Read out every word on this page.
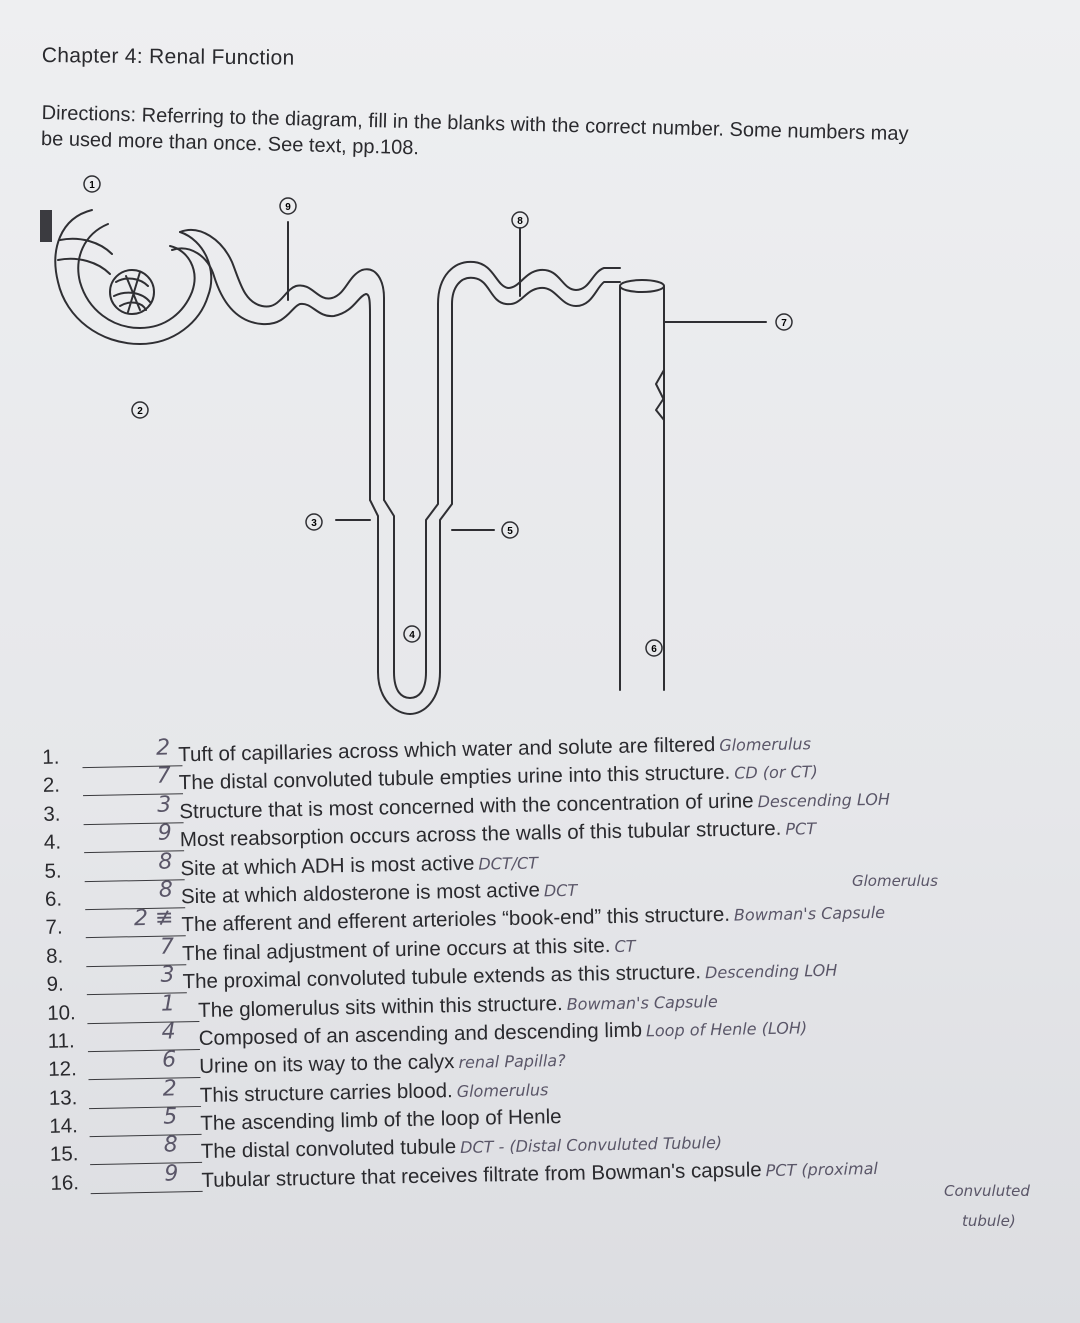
Chapter 4: Renal Function
Directions: Referring to the diagram, fill in the blanks with the correct number. Some numbers may be used more than once. See text, pp.108.
1
2
3
4
5
6
7
8
9
1.	2 Tuft of capillaries across which water and solute are filtered Glomerulus
2.	7 The distal convoluted tubule empties urine into this structure. CD (or CT)
3.	3 Structure that is most concerned with the concentration of urine Descending LOH
4.	9 Most reabsorption occurs across the walls of this tubular structure. PCT
5.	8 Site at which ADH is most active DCT/CT
6.	8 Site at which aldosterone is most active DCT
7.	2 ≢ The afferent and efferent arterioles “book-end” this structure. Bowman's Capsule
8.	7 The final adjustment of urine occurs at this site. CT
9.	3 The proximal convoluted tubule extends as this structure. Descending LOH
10.	1 The glomerulus sits within this structure. Bowman's Capsule
11.	4 Composed of an ascending and descending limb Loop of Henle (LOH)
12.	6 Urine on its way to the calyx renal Papilla?
13.	2 This structure carries blood. Glomerulus
14.	5 The ascending limb of the loop of Henle
15.	8 The distal convoluted tubule DCT - (Distal Convuluted Tubule)
16.	9 Tubular structure that receives filtrate from Bowman's capsule PCT (proximal
Glomerulus
Convuluted
tubule)
